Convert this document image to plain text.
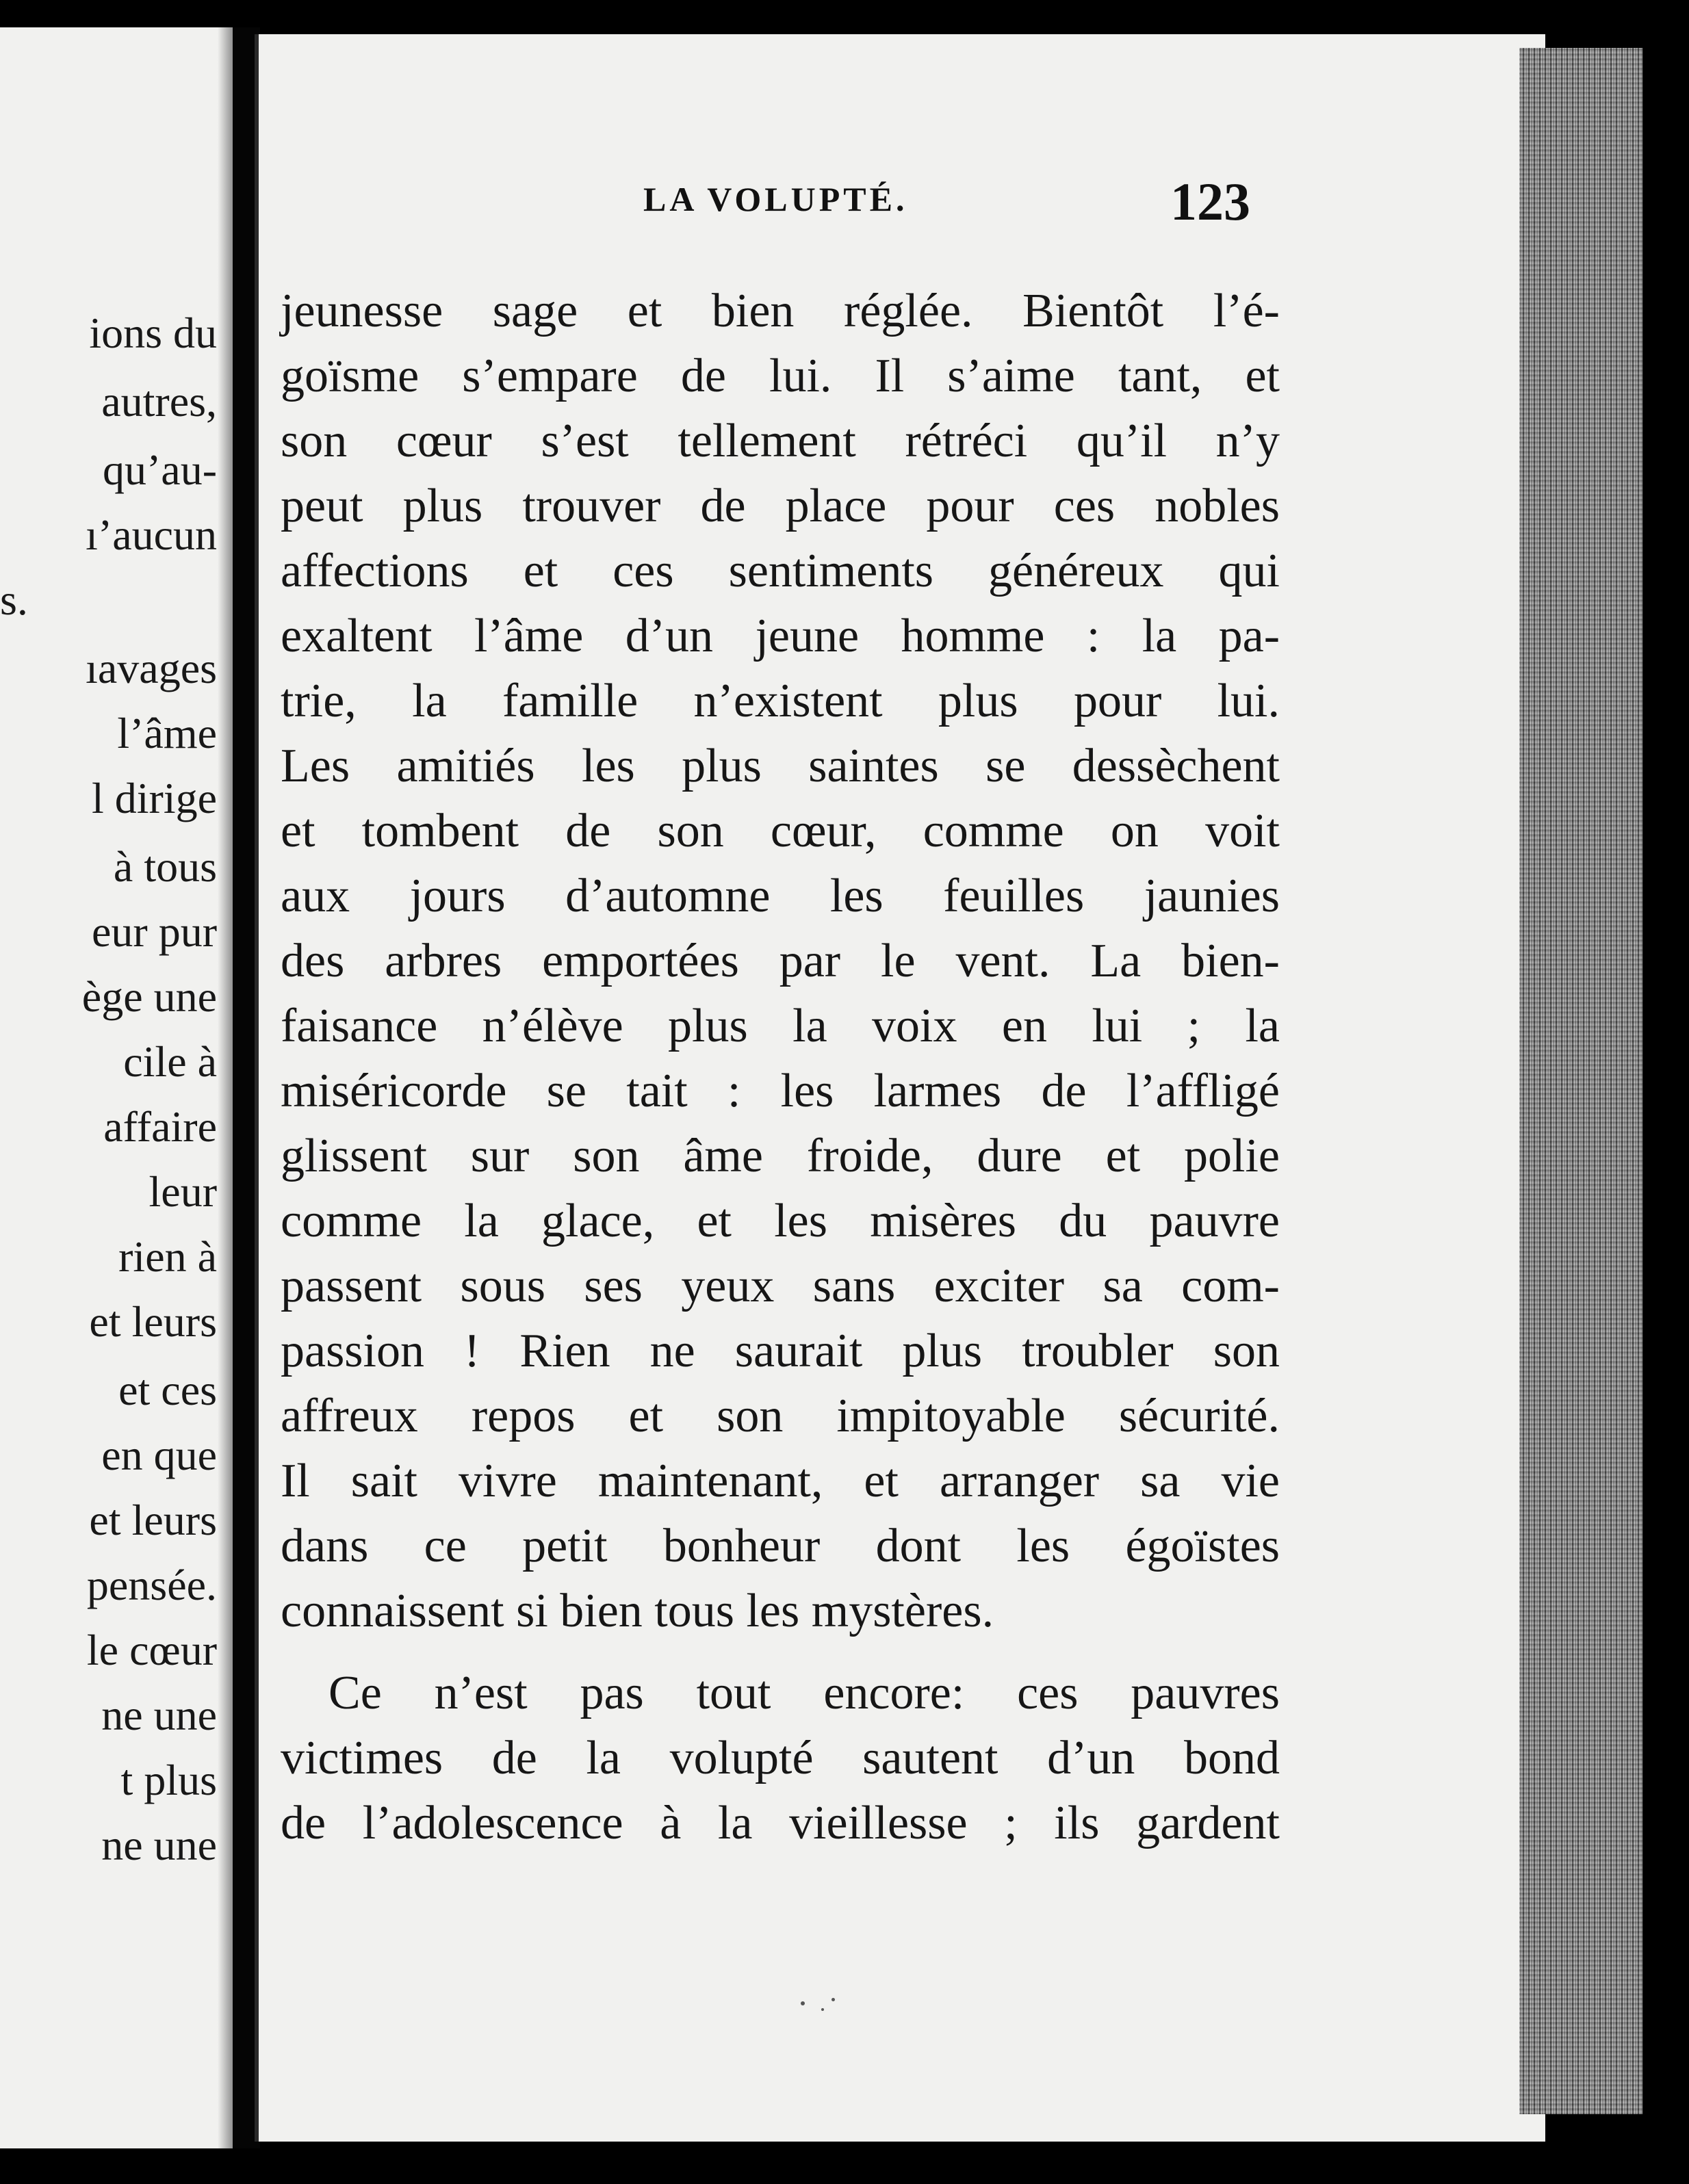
ions du
autres,
qu’au-
ı’aucun
s.
ıavages
l’âme
l dirige
à tous
eur pur
ège une
cile à
affaire
leur
rien à
et leurs
et ces
en que
et leurs
pensée.
le cœur
ne une
t plus
ne une
LA VOLUPTÉ.	123
jeunesse sage et bien réglée. Bientôt l’é-
goïsme s’empare de lui. Il s’aime tant, et
son cœur s’est tellement rétréci qu’il n’y
peut plus trouver de place pour ces nobles
affections et ces sentiments généreux qui
exaltent l’âme d’un jeune homme : la pa-
trie, la famille n’existent plus pour lui.
Les amitiés les plus saintes se dessèchent
et tombent de son cœur, comme on voit
aux jours d’automne les feuilles jaunies
des arbres emportées par le vent. La bien-
faisance n’élève plus la voix en lui ; la
miséricorde se tait : les larmes de l’affligé
glissent sur son âme froide, dure et polie
comme la glace, et les misères du pauvre
passent sous ses yeux sans exciter sa com-
passion ! Rien ne saurait plus troubler son
affreux repos et son impitoyable sécurité.
Il sait vivre maintenant, et arranger sa vie
dans ce petit bonheur dont les égoïstes
connaissent si bien tous les mystères.
Ce n’est pas tout encore: ces pauvres
victimes de la volupté sautent d’un bond
de l’adolescence à la vieillesse ; ils gardent
